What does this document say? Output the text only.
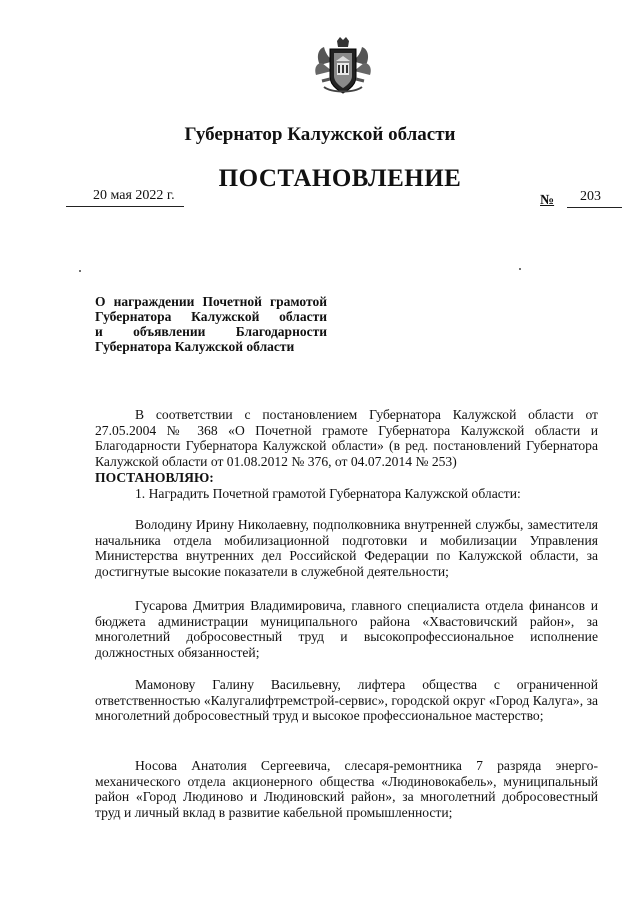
Губернатор Калужской области
ПОСТАНОВЛЕНИЕ
20 мая 2022 г.	№ 203
О награждении Почетной грамотой
Губернатора Калужской области
и объявлении Благодарности
Губернатора Калужской области
В соответствии с постановлением Губернатора Калужской области от 27.05.2004 № 368 «О Почетной грамоте Губернатора Калужской области и Благодарности Губернатора Калужской области» (в ред. постановлений Губернатора Калужской области от 01.08.2012 № 376, от 04.07.2014 № 253)
ПОСТАНОВЛЯЮ:
1. Наградить Почетной грамотой Губернатора Калужской области:
Володину Ирину Николаевну, подполковника внутренней службы, заместителя начальника отдела мобилизационной подготовки и мобилизации Управления Министерства внутренних дел Российской Федерации по Калужской области, за достигнутые высокие показатели в служебной деятельности;
Гусарова Дмитрия Владимировича, главного специалиста отдела финансов и бюджета администрации муниципального района «Хвастовичский район», за многолетний добросовестный труд и высокопрофессиональное исполнение должностных обязанностей;
Мамонову Галину Васильевну, лифтера общества с ограниченной ответственностью «Калугалифтремстрой-сервис», городской округ «Город Калуга», за многолетний добросовестный труд и высокое профессиональное мастерство;
Носова Анатолия Сергеевича, слесаря-ремонтника 7 разряда энерго-механического отдела акционерного общества «Людиновокабель», муниципальный район «Город Людиново и Людиновский район», за многолетний добросовестный труд и личный вклад в развитие кабельной промышленности;
